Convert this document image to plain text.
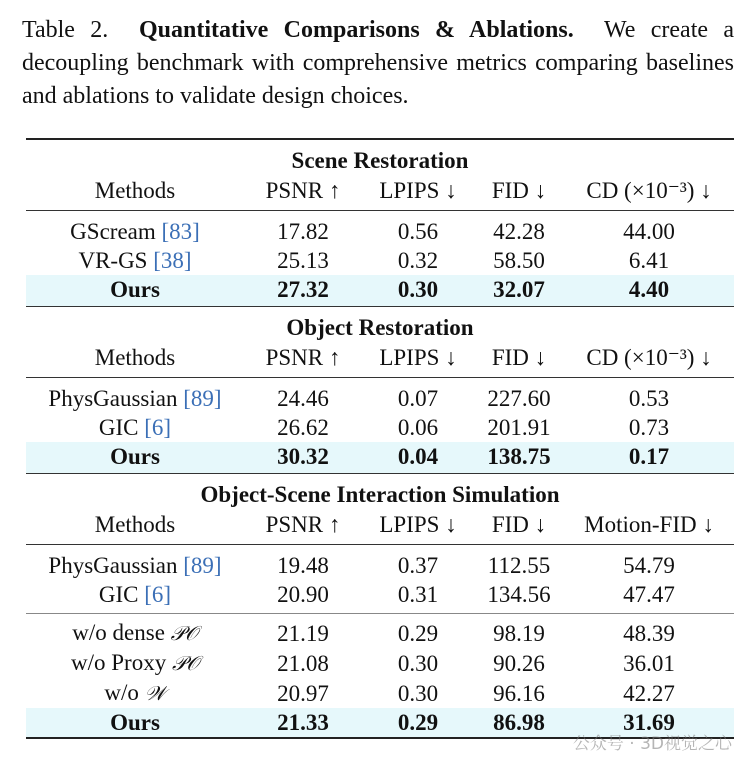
Table 2. Quantitative Comparisons & Ablations. We create a decoupling benchmark with comprehensive metrics comparing baselines and ablations to validate design choices.
Scene Restoration				
Methods	PSNR ↑	LPIPS ↓	FID ↓	CD (×10⁻³) ↓
GScream [83]	17.82	0.56	42.28	44.00
VR-GS [38]	25.13	0.32	58.50	6.41
Ours	27.32	0.30	32.07	4.40
Object Restoration				
Methods	PSNR ↑	LPIPS ↓	FID ↓	CD (×10⁻³) ↓
PhysGaussian [89]	24.46	0.07	227.60	0.53
GIC [6]	26.62	0.06	201.91	0.73
Ours	30.32	0.04	138.75	0.17
Object-Scene Interaction Simulation				
Methods	PSNR ↑	LPIPS ↓	FID ↓	Motion-FID ↓
PhysGaussian [89]	19.48	0.37	112.55	54.79
GIC [6]	20.90	0.31	134.56	47.47
w/o dense 𝒫𝒪	21.19	0.29	98.19	48.39
w/o Proxy 𝒫𝒪	21.08	0.30	90.26	36.01
w/o 𝒲	20.97	0.30	96.16	42.27
Ours	21.33	0.29	86.98	31.69
公众号 · 3D视觉之心
